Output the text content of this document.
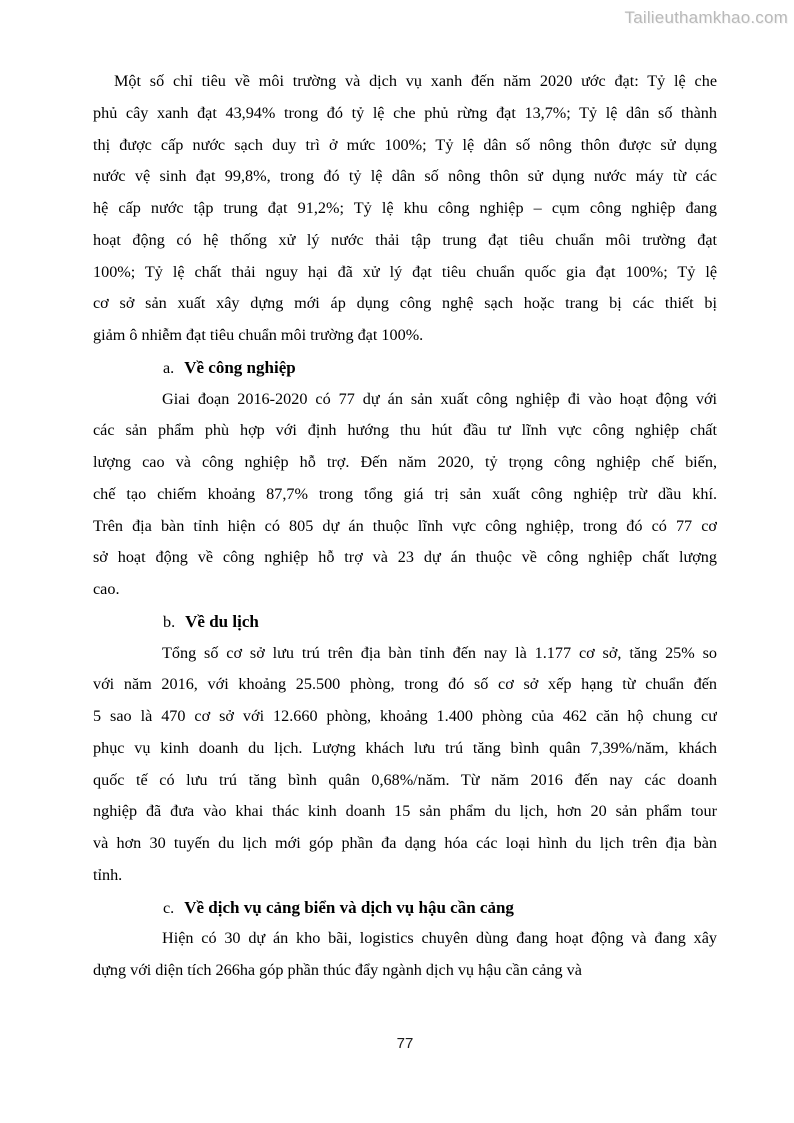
Tailieuthamkhao.com
Một số chỉ tiêu về môi trường và dịch vụ xanh đến năm 2020 ước đạt: Tỷ lệ che
phủ cây xanh đạt 43,94% trong đó tỷ lệ che phủ rừng đạt 13,7%; Tỷ lệ dân số thành
thị được cấp nước sạch duy trì ở mức 100%; Tỷ lệ dân số nông thôn được sử dụng
nước vệ sinh đạt 99,8%, trong đó tỷ lệ dân số nông thôn sử dụng nước máy từ các
hệ cấp nước tập trung đạt 91,2%; Tỷ lệ khu công nghiệp – cụm công nghiệp đang
hoạt động có hệ thống xử lý nước thải tập trung đạt tiêu chuẩn môi trường đạt
100%; Tỷ lệ chất thải nguy hại đã xử lý đạt tiêu chuẩn quốc gia đạt 100%; Tỷ lệ
cơ sở sản xuất xây dựng mới áp dụng công nghệ sạch hoặc trang bị các thiết bị
giảm ô nhiễm đạt tiêu chuẩn môi trường đạt 100%.
a. Về công nghiệp
Giai đoạn 2016-2020 có 77 dự án sản xuất công nghiệp đi vào hoạt động với
các sản phẩm phù hợp với định hướng thu hút đầu tư lĩnh vực công nghiệp chất
lượng cao và công nghiệp hỗ trợ. Đến năm 2020, tỷ trọng công nghiệp chế biến,
chế tạo chiếm khoảng 87,7% trong tổng giá trị sản xuất công nghiệp trừ dầu khí.
Trên địa bàn tỉnh hiện có 805 dự án thuộc lĩnh vực công nghiệp, trong đó có 77 cơ
sở hoạt động về công nghiệp hỗ trợ và 23 dự án thuộc về công nghiệp chất lượng
cao.
b. Về du lịch
Tổng số cơ sở lưu trú trên địa bàn tỉnh đến nay là 1.177 cơ sở, tăng 25% so
với năm 2016, với khoảng 25.500 phòng, trong đó số cơ sở xếp hạng từ chuẩn đến
5 sao là 470 cơ sở với 12.660 phòng, khoảng 1.400 phòng của 462 căn hộ chung cư
phục vụ kinh doanh du lịch. Lượng khách lưu trú tăng bình quân 7,39%/năm, khách
quốc tế có lưu trú tăng bình quân 0,68%/năm. Từ năm 2016 đến nay các doanh
nghiệp đã đưa vào khai thác kinh doanh 15 sản phẩm du lịch, hơn 20 sản phẩm tour
và hơn 30 tuyến du lịch mới góp phần đa dạng hóa các loại hình du lịch trên địa bàn
tỉnh.
c. Về dịch vụ cảng biển và dịch vụ hậu cần cảng
Hiện có 30 dự án kho bãi, logistics chuyên dùng đang hoạt động và đang xây
dựng với diện tích 266ha góp phần thúc đẩy ngành dịch vụ hậu cần cảng và
77
